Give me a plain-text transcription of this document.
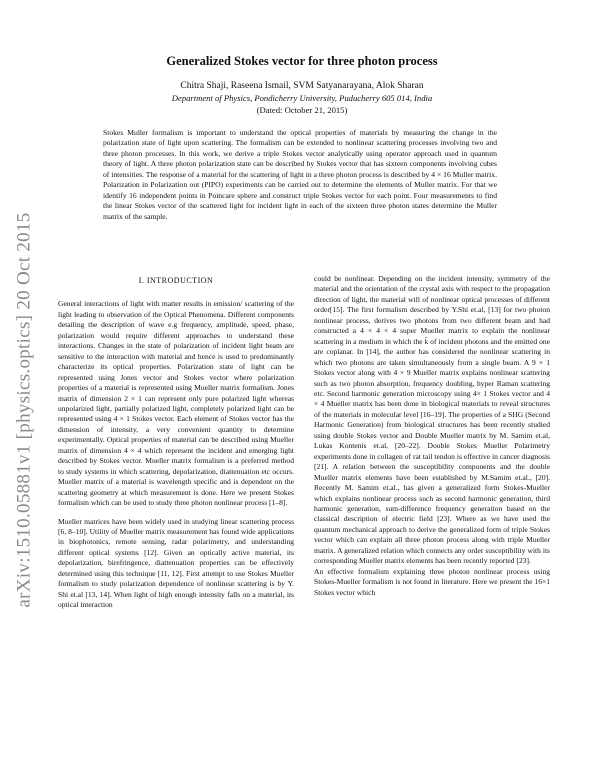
arXiv:1510.05881v1 [physics.optics] 20 Oct 2015
Generalized Stokes vector for three photon process
Chitra Shaji, Raseena Ismail, SVM Satyanarayana, Alok Sharan
Department of Physics, Pondicherry University, Puducherry 605 014, India
(Dated: October 21, 2015)

Stokes Muller formalism is important to understand the optical properties of materials by measuring the change in the polarization state of light upon scattering. The formalism can be extended to nonlinear scattering processes involving two and three photon processes. In this work, we derive a triple Stokes vector analytically using operator approach used in quantum theory of light. A three photon polarization state can be described by Stokes vector that has sixteen components involving cubes of intensities. The response of a material for the scattering of light in a three photon process is described by 4 × 16 Muller matrix. Polarization in Polarization out (PIPO) experiments can be carried out to determine the elements of Muller matrix. For that we identify 16 independent points in Poincare sphere and construct triple Stokes vector for each point. Four measurements to find the linear Stokes vector of the scattered light for incident light in each of the sixteen three photon states determine the Muller matrix of the sample.

I. INTRODUCTION

General interactions of light with matter results in emission/ scattering of the light leading to observation of the Optical Phenomena. Different components detailing the description of wave e.g frequency, amplitude, speed, phase, polarization would require different approaches to understand these interactions. Changes in the state of polarization of incident light beam are sensitive to the interaction with material and hence is used to predominantly characterize its optical properties. Polarization state of light can be represented using Jones vector and Stokes vector where polarization properties of a material is represented using Mueller matrix formalism. Jones matrix of dimension 2 × 1 can represent only pure polarized light whereas unpolarized light, partially polarized light, completely polarized light can be represented using 4 × 1 Stokes vector. Each element of Stokes vector has the dimension of intensity, a very convenient quantity to determine experimentally. Optical properties of material can be described using Mueller matrix of dimension 4 × 4 which represent the incident and emerging light described by Stokes vector. Mueller matrix formalism is a preferred method to study systems in which scattering, depolarization, diattenuation etc occurs. Mueller matrix of a material is wavelength specific and is dependent on the scattering geometry at which measurement is done. Here we present Stokes formalism which can be used to study three photon nonlinear process [1–8].

Mueller matrices have been widely used in studying linear scattering process [6, 8–10]. Utility of Mueller matrix measurement has found wide applications in biophotonics, remote sensing, radar polarimetry, and understanding different optical systems [12]. Given an optically active material, its depolarization, birefringence, diattenuation properties can be effectively determined using this technique [11, 12]. First attempt to use Stokes Mueller formalism to study polarization dependence of nonlinear scattering is by Y. Shi et.al [13, 14]. When light of high enough intensity falls on a material, its optical interaction

could be nonlinear. Depending on the incident intensity, symmetry of the material and the orientation of the crystal axis with respect to the propagation direction of light, the material will of nonlinear optical processes of different order[15]. The first formalism described by Y.Shi et.al, [13] for two photon nonlinear process, derives two photons from two different beam and had constructed a 4 × 4 × 4 super Mueller matrix to explain the nonlinear scattering in a medium in which the k̂ of incident photons and the emitted one are coplanar. In [14], the author has considered the nonlinear scattering in which two photons are taken simultaneously from a single beam. A 9 × 1 Stokes vector along with 4 × 9 Mueller matrix explains nonlinear scattering such as two photon absorption, frequency doubling, hyper Raman scattering etc. Second harmonic generation microscopy using 4× 1 Stokes vector and 4 × 4 Mueller matrix has been done in biological materials to reveal structures of the materials in molecular level [16–19]. The properties of a SHG (Second Harmonic Generation) from biological structures has been recently studied using double Stokes vector and Double Mueller matrix by M. Samim et.al, Lukas Kontenis et.al, [20–22]. Double Stokes Mueller Polarimetry experiments done in collagen of rat tail tendon is effective in cancer diagnosis [21]. A relation between the susceptibility components and the double Mueller matrix elements have been established by M.Samim et.al., [20]. Recently M. Samim et.al., has given a generalized form Stokes-Mueller which explains nonlinear process such as second harmonic generation, third harmonic generation, sum-difference frequency generation based on the classical description of electric field [23]. Where as we have used the quantum mechanical approach to derive the generalized form of triple Stokes vector which can explain all three photon process along with triple Mueller matrix. A generalized relation which connects any order susceptibility with its corresponding Mueller matrix elements has been recently reported [23].

An effective formalism explaining three photon nonlinear process using Stokes-Mueller formalism is not found in literature. Here we present the 16×1 Stokes vector which
